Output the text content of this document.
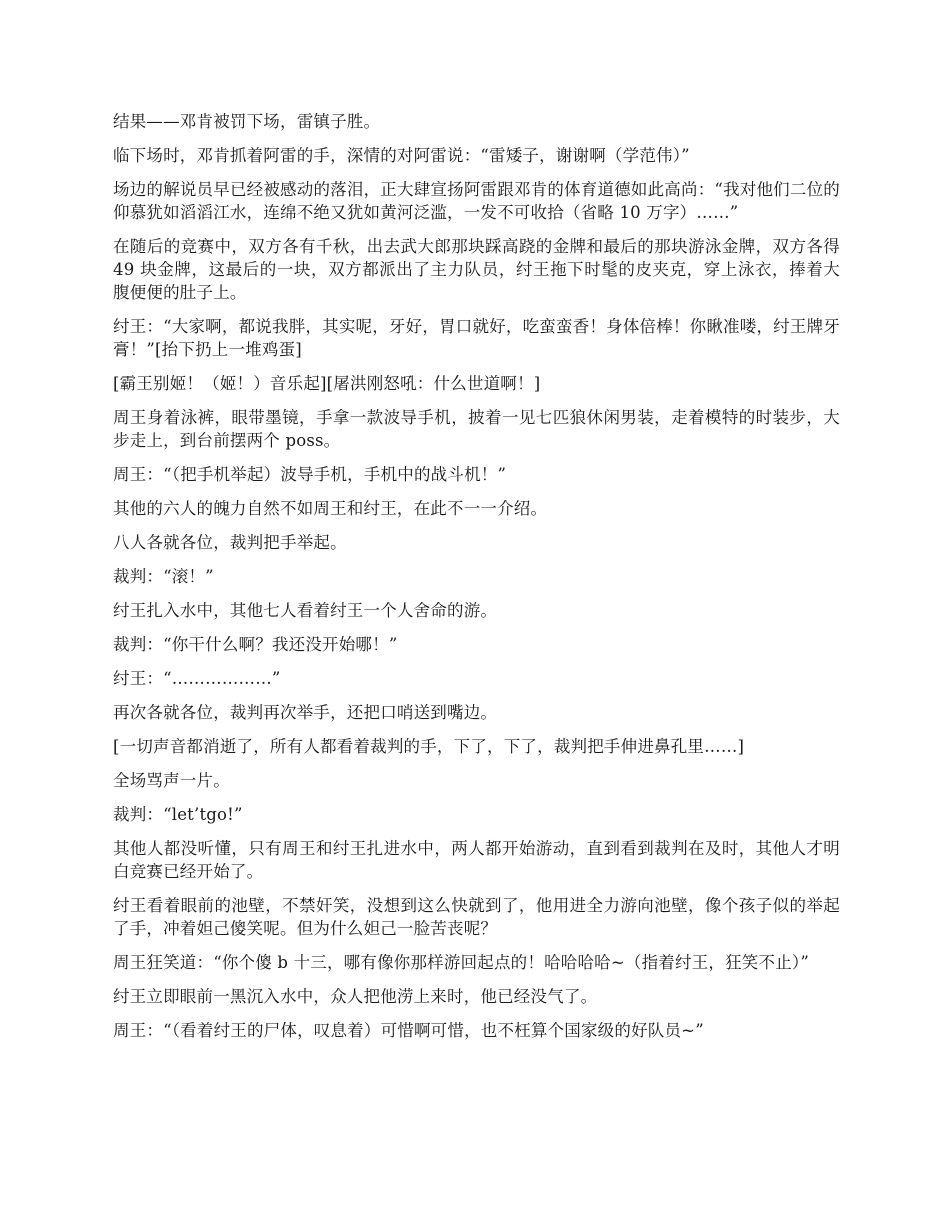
结果——邓肯被罚下场，雷镇子胜。

临下场时，邓肯抓着阿雷的手，深情的对阿雷说：“雷矮子，谢谢啊（学范伟）”

场边的解说员早已经被感动的落泪，正大肆宣扬阿雷跟邓肯的体育道德如此高尚：“我对他们二位的仰慕犹如滔滔江水，连绵不绝又犹如黄河泛滥，一发不可收拾（省略 10 万字）……”

在随后的竞赛中，双方各有千秋，出去武大郎那块踩高跷的金牌和最后的那块游泳金牌，双方各得 49 块金牌，这最后的一块，双方都派出了主力队员，纣王拖下时髦的皮夹克，穿上泳衣，捧着大腹便便的肚子上。

纣王：“大家啊，都说我胖，其实呢，牙好，胃口就好，吃蛮蛮香！身体倍棒！你瞅准喽，纣王牌牙膏！”[抬下扔上一堆鸡蛋]

[霸王别姬！（姬！）音乐起][屠洪刚怒吼：什么世道啊！]

周王身着泳裤，眼带墨镜，手拿一款波导手机，披着一见七匹狼休闲男装，走着模特的时装步，大步走上，到台前摆两个 poss。

周王：“（把手机举起）波导手机，手机中的战斗机！”

其他的六人的魄力自然不如周王和纣王，在此不一一介绍。

八人各就各位，裁判把手举起。

裁判：“滚！”

纣王扎入水中，其他七人看着纣王一个人舍命的游。

裁判：“你干什么啊？我还没开始哪！”

纣王：“………………”

再次各就各位，裁判再次举手，还把口哨送到嘴边。

[一切声音都消逝了，所有人都看着裁判的手，下了，下了，裁判把手伸进鼻孔里……]

全场骂声一片。

裁判：“let’tgo!”

其他人都没听懂，只有周王和纣王扎进水中，两人都开始游动，直到看到裁判在及时，其他人才明白竞赛已经开始了。

纣王看着眼前的池壁，不禁奸笑，没想到这么快就到了，他用进全力游向池壁，像个孩子似的举起了手，冲着妲己傻笑呢。但为什么妲己一脸苦丧呢？

周王狂笑道：“你个傻 b 十三，哪有像你那样游回起点的！哈哈哈哈~（指着纣王，狂笑不止）”

纣王立即眼前一黑沉入水中，众人把他涝上来时，他已经没气了。

周王：“（看着纣王的尸体，叹息着）可惜啊可惜，也不枉算个国家级的好队员~”
